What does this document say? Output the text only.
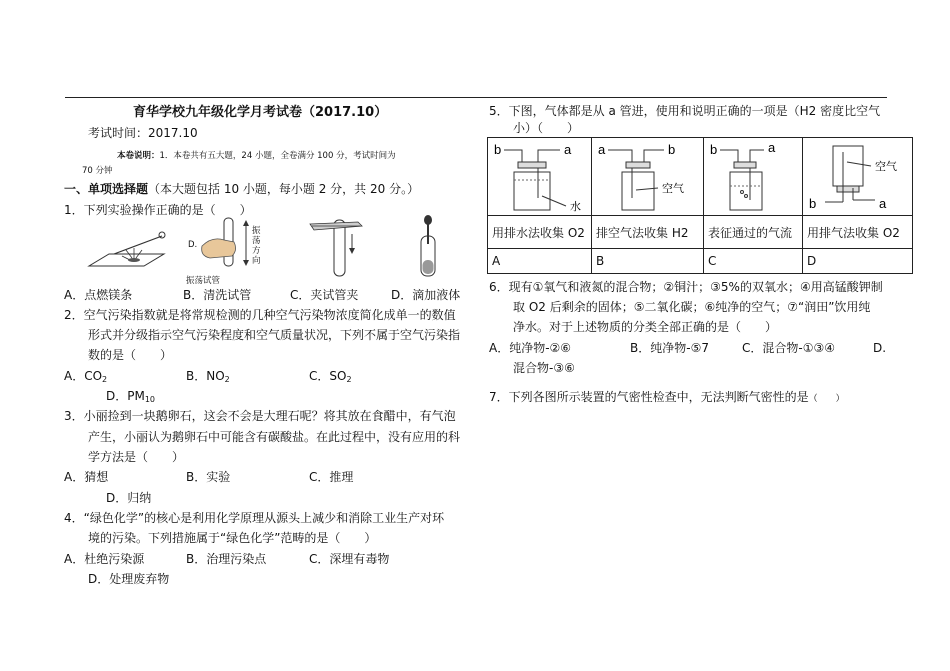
育华学校九年级化学月考试卷（2017.10）
考试时间：2017.10
本卷说明：1．本卷共有五大题，24 小题，全卷满分 100 分，考试时间为
70 分钟
一、单项选择题（本大题包括 10 小题，每小题 2 分，共 20 分。）
1．下列实验操作正确的是（　　）
D.
振荡试管
振
荡
方
向
A．点燃镁条	B．清洗试管	C．夹试管夹	D．滴加液体
2．空气污染指数就是将常规检测的几种空气污染物浓度简化成单一的数值
形式并分级指示空气污染程度和空气质量状况，下列不属于空气污染指
数的是（　　）
A．$CO_2$	B．$NO_2$	C．$SO_2$
D．$PM_{10}$
3．小丽捡到一块鹅卵石，这会不会是大理石呢？将其放在食醋中，有气泡
产生，小丽认为鹅卵石中可能含有碳酸盐。在此过程中，没有应用的科
学方法是（　　）
A．猜想	B．实验	C．推理
D．归纳
4．“绿色化学”的核心是利用化学原理从源头上减少和消除工业生产对环
境的污染。下列措施属于“绿色化学”范畴的是（　　）
A．杜绝污染源	B．治理污染点	C．深埋有毒物
D．处理废弃物
5．下图，气体都是从 a 管进，使用和说明正确的一项是（H2 密度比空气
小）（　　）
b a
水	a b
空气	b a	空气
b a

用排水法收集 O2	排空气法收集 H2	表征通过的气流	用排气法收集 O2
A	B	C	D
6．现有①氧气和液氮的混合物；②铜汁；③5%的双氧水；④用高锰酸钾制
取 O2 后剩余的固体；⑤二氧化碳；⑥纯净的空气；⑦“润田”饮用纯
净水。对于上述物质的分类全部正确的是（　　）
A．纯净物-②⑥	B．纯净物-⑤7	C．混合物-①③④	D.
混合物-③⑥
7．下列各图所示装置的气密性检查中，无法判断气密性的是（　　）
